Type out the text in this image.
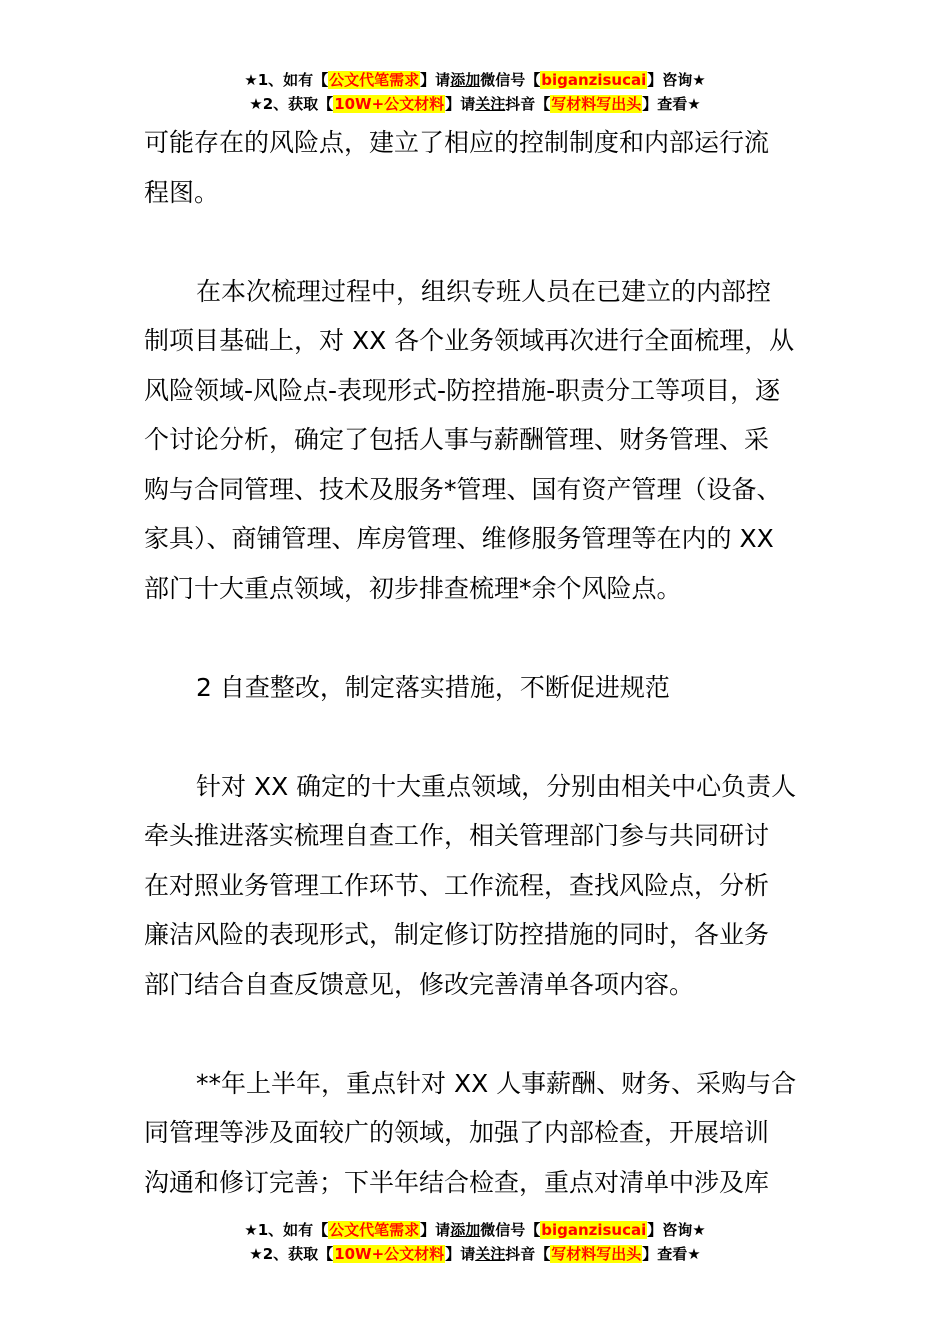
★1、如有【公文代笔需求】请添加微信号【biganzisucai】咨询★
★2、获取【10W+公文材料】请关注抖音【写材料写出头】查看★
可能存在的风险点，建立了相应的控制制度和内部运行流
程图。
在本次梳理过程中，组织专班人员在已建立的内部控
制项目基础上，对 XX 各个业务领域再次进行全面梳理，从
风险领域-风险点-表现形式-防控措施-职责分工等项目，逐
个讨论分析，确定了包括人事与薪酬管理、财务管理、采
购与合同管理、技术及服务*管理、国有资产管理（设备、
家具）、商铺管理、库房管理、维修服务管理等在内的 XX
部门十大重点领域，初步排查梳理*余个风险点。
2 自查整改，制定落实措施，不断促进规范
针对 XX 确定的十大重点领域，分别由相关中心负责人
牵头推进落实梳理自查工作，相关管理部门参与共同研讨
在对照业务管理工作环节、工作流程，查找风险点，分析
廉洁风险的表现形式，制定修订防控措施的同时，各业务
部门结合自查反馈意见，修改完善清单各项内容。
**年上半年，重点针对 XX 人事薪酬、财务、采购与合
同管理等涉及面较广的领域，加强了内部检查，开展培训
沟通和修订完善；下半年结合检查，重点对清单中涉及库
★1、如有【公文代笔需求】请添加微信号【biganzisucai】咨询★
★2、获取【10W+公文材料】请关注抖音【写材料写出头】查看★
